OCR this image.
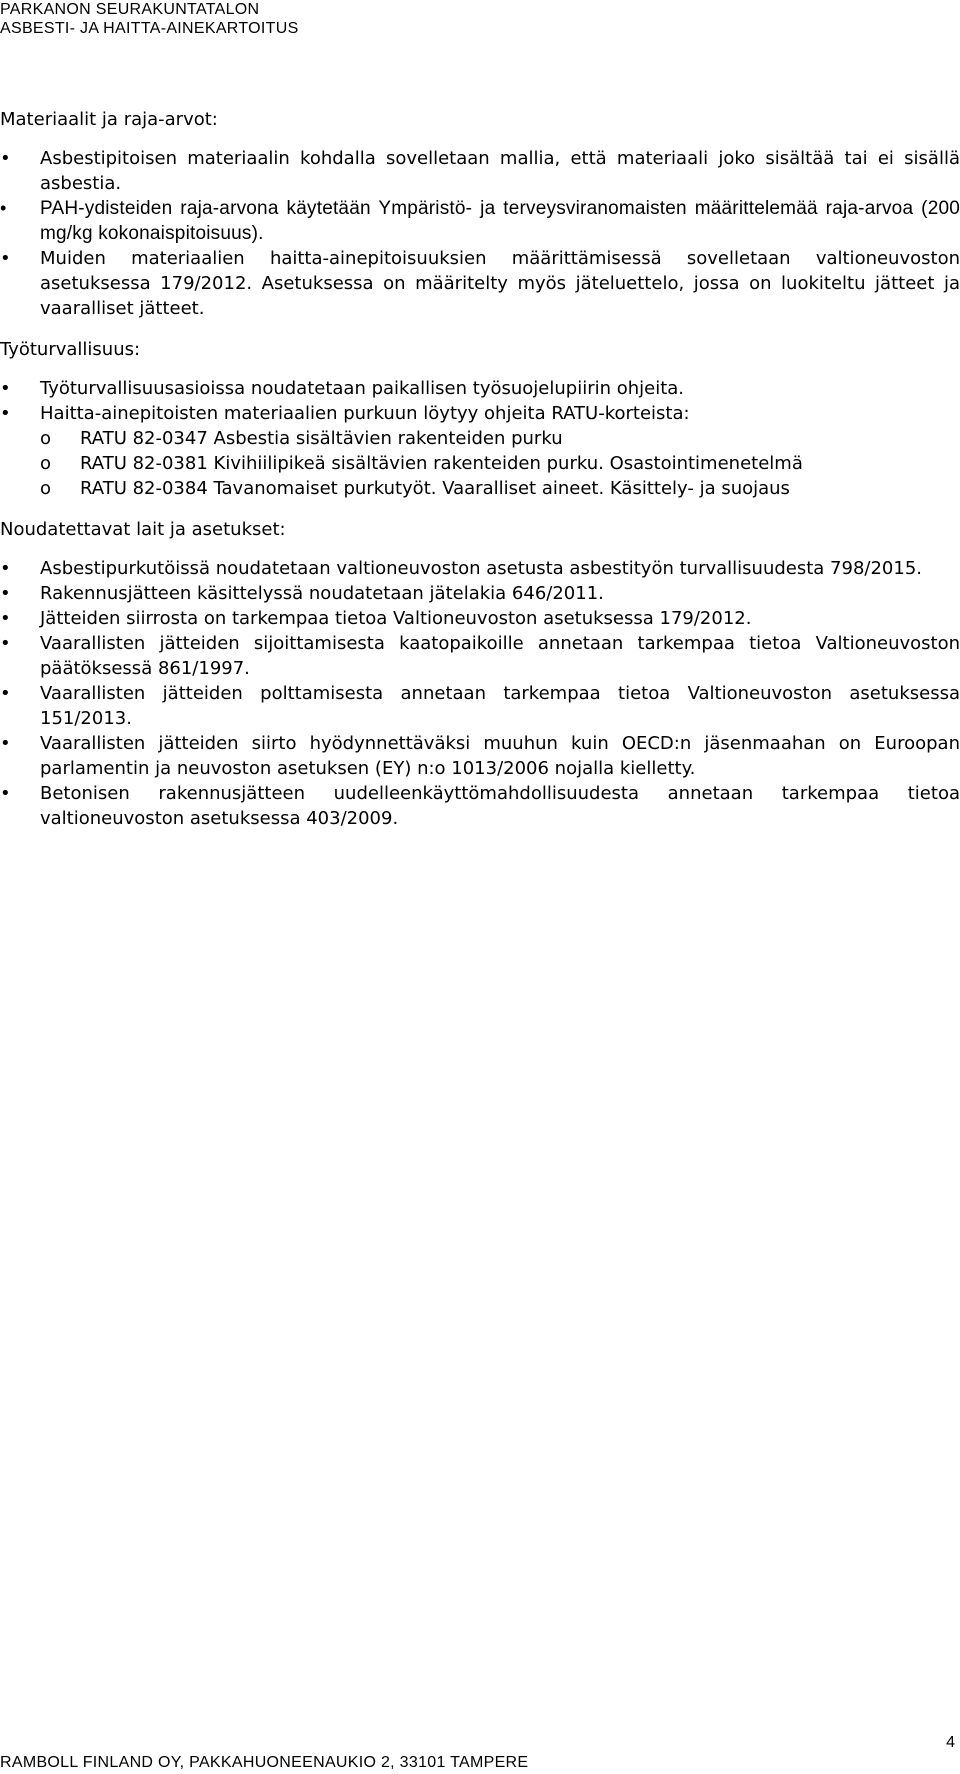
PARKANON SEURAKUNTATALON
ASBESTI- JA HAITTA-AINEKARTOITUS
Materiaalit ja raja-arvot:
• Asbestipitoisen materiaalin kohdalla sovelletaan mallia, että materiaali joko sisältää tai ei sisällä asbestia.
• PAH-ydisteiden raja-arvona käytetään Ympäristö- ja terveysviranomaisten määrittelemää raja-arvoa (200 mg/kg kokonaispitoisuus).
• Muiden materiaalien haitta-ainepitoisuuksien määrittämisessä sovelletaan valtioneuvoston asetuksessa 179/2012. Asetuksessa on määritelty myös jäteluettelo, jossa on luokiteltu jätteet ja vaaralliset jätteet.
Työturvallisuus:
• Työturvallisuusasioissa noudatetaan paikallisen työsuojelupiirin ohjeita.
• Haitta-ainepitoisten materiaalien purkuun löytyy ohjeita RATU-korteista:
o RATU 82-0347 Asbestia sisältävien rakenteiden purku
o RATU 82-0381 Kivihiilipikeä sisältävien rakenteiden purku. Osastointimenetelmä
o RATU 82-0384 Tavanomaiset purkutyöt. Vaaralliset aineet. Käsittely- ja suojaus
Noudatettavat lait ja asetukset:
• Asbestipurkutöissä noudatetaan valtioneuvoston asetusta asbestityön turvallisuudesta 798/2015.
• Rakennusjätteen käsittelyssä noudatetaan jätelakia 646/2011.
• Jätteiden siirrosta on tarkempaa tietoa Valtioneuvoston asetuksessa 179/2012.
• Vaarallisten jätteiden sijoittamisesta kaatopaikoille annetaan tarkempaa tietoa Valtioneuvoston päätöksessä 861/1997.
• Vaarallisten jätteiden polttamisesta annetaan tarkempaa tietoa Valtioneuvoston asetuksessa 151/2013.
• Vaarallisten jätteiden siirto hyödynnettäväksi muuhun kuin OECD:n jäsenmaahan on Euroopan parlamentin ja neuvoston asetuksen (EY) n:o 1013/2006 nojalla kielletty.
• Betonisen rakennusjätteen uudelleenkäyttömahdollisuudesta annetaan tarkempaa tietoa valtioneuvoston asetuksessa 403/2009.
4
RAMBOLL FINLAND OY, PAKKAHUONEENAUKIO 2, 33101 TAMPERE
